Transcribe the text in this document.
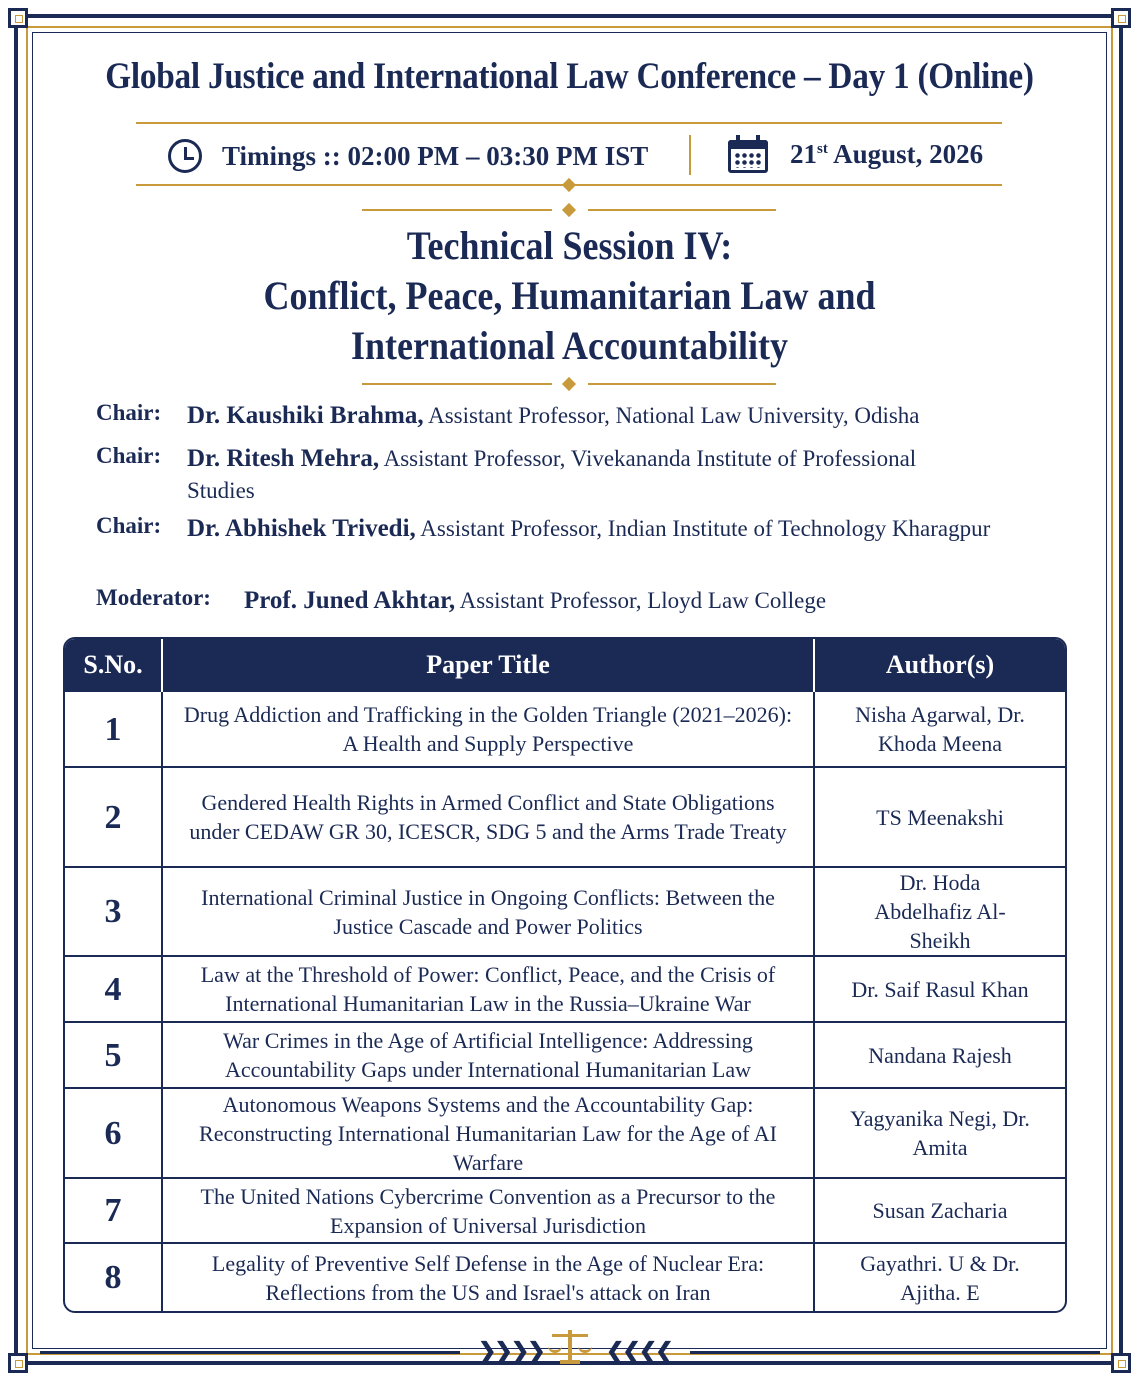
Global Justice and International Law Conference – Day 1 (Online)
Timings :: 02:00 PM – 03:30 PM IST	21st August, 2026
Technical Session IV:
Conflict, Peace, Humanitarian Law and
International Accountability
Chair: Dr. Kaushiki Brahma, Assistant Professor, National Law University, Odisha
Chair: Dr. Ritesh Mehra, Assistant Professor, Vivekananda Institute of Professional Studies
Chair: Dr. Abhishek Trivedi, Assistant Professor, Indian Institute of Technology Kharagpur
Moderator: Prof. Juned Akhtar, Assistant Professor, Lloyd Law College
S.No.	Paper Title	Author(s)
1	Drug Addiction and Trafficking in the Golden Triangle (2021–2026): A Health and Supply Perspective	Nisha Agarwal, Dr. Khoda Meena
2	Gendered Health Rights in Armed Conflict and State Obligations under CEDAW GR 30, ICESCR, SDG 5 and the Arms Trade Treaty	TS Meenakshi
3	International Criminal Justice in Ongoing Conflicts: Between the Justice Cascade and Power Politics	Dr. Hoda Abdelhafiz Al-Sheikh
4	Law at the Threshold of Power: Conflict, Peace, and the Crisis of International Humanitarian Law in the Russia–Ukraine War	Dr. Saif Rasul Khan
5	War Crimes in the Age of Artificial Intelligence: Addressing Accountability Gaps under International Humanitarian Law	Nandana Rajesh
6	Autonomous Weapons Systems and the Accountability Gap: Reconstructing International Humanitarian Law for the Age of AI Warfare	Yagyanika Negi, Dr. Amita
7	The United Nations Cybercrime Convention as a Precursor to the Expansion of Universal Jurisdiction	Susan Zacharia
8	Legality of Preventive Self Defense in the Age of Nuclear Era: Reflections from the US and Israel's attack on Iran	Gayathri. U & Dr. Ajitha. E
❯❯❯❯	❮❮❮❮
